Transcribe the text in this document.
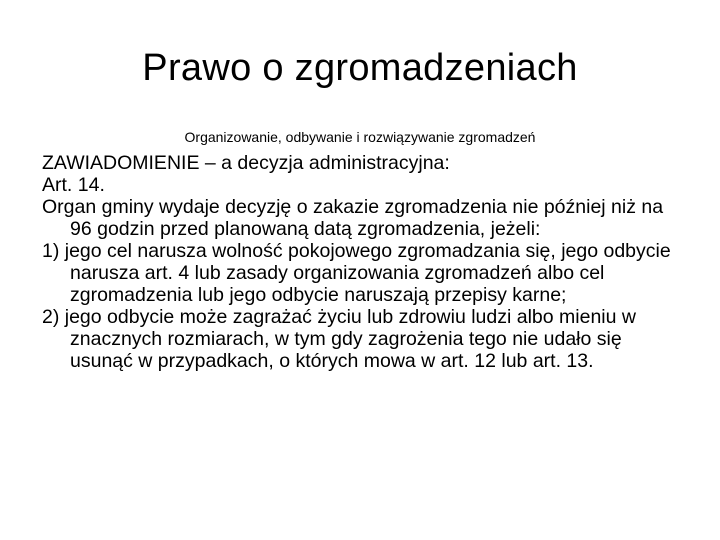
Prawo o zgromadzeniach
Organizowanie, odbywanie i rozwiązywanie zgromadzeń

ZAWIADOMIENIE – a decyzja administracyjna:

Art. 14.

Organ gminy wydaje decyzję o zakazie zgromadzenia nie później niż na 96 godzin przed planowaną datą zgromadzenia, jeżeli:

1) jego cel narusza wolność pokojowego zgromadzania się, jego odbycie narusza art. 4 lub zasady organizowania zgromadzeń albo cel zgromadzenia lub jego odbycie naruszają przepisy karne;

2) jego odbycie może zagrażać życiu lub zdrowiu ludzi albo mieniu w znacznych rozmiarach, w tym gdy zagrożenia tego nie udało się usunąć w przypadkach, o których mowa w art. 12 lub art. 13.
